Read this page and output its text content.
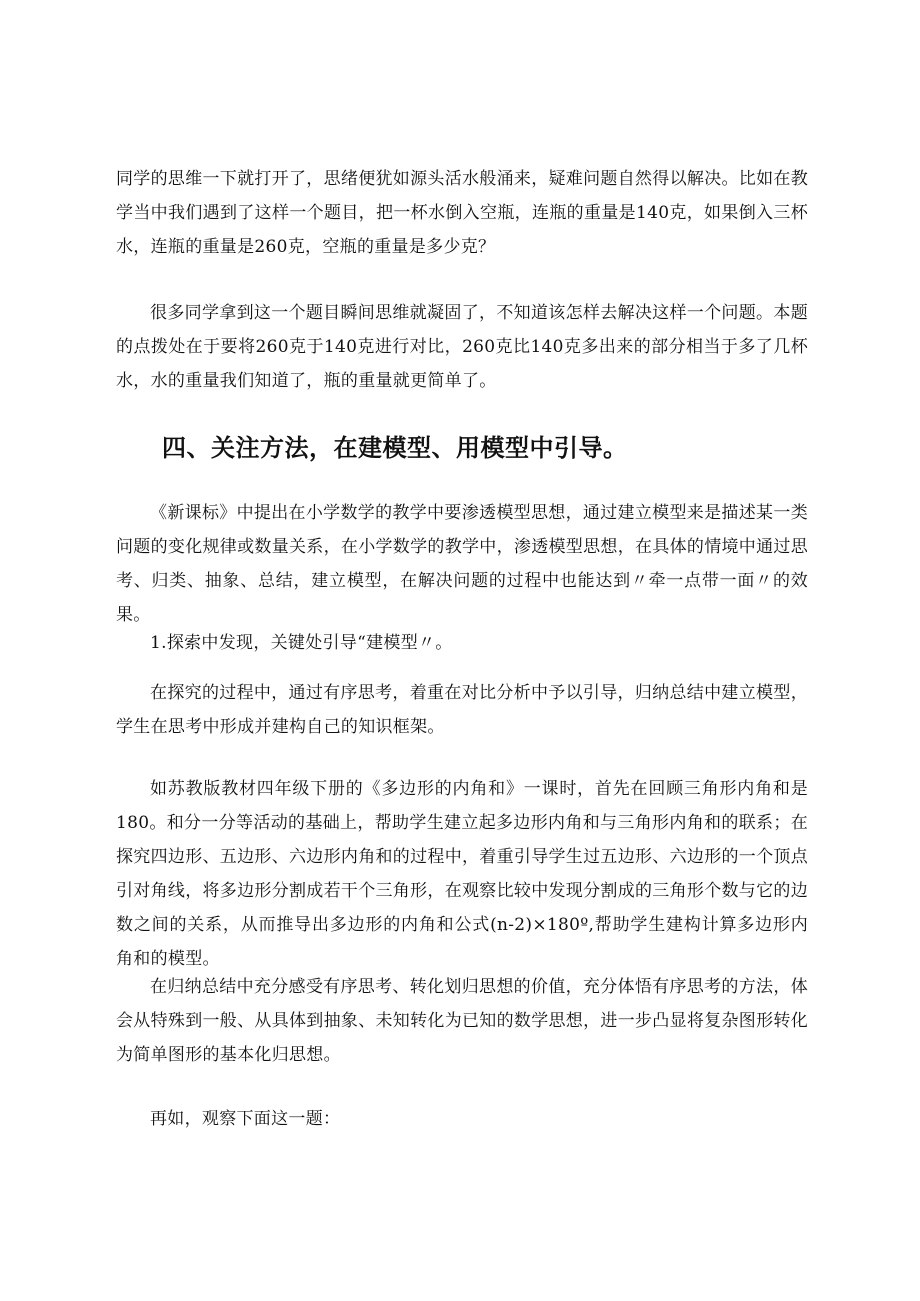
同学的思维一下就打开了，思绪便犹如源头活水般涌来，疑难问题自然得以解决。比如在教学当中我们遇到了这样一个题目，把一杯水倒入空瓶，连瓶的重量是140克，如果倒入三杯水，连瓶的重量是260克，空瓶的重量是多少克？

很多同学拿到这一个题目瞬间思维就凝固了，不知道该怎样去解决这样一个问题。本题的点拨处在于要将260克于140克进行对比，260克比140克多出来的部分相当于多了几杯水，水的重量我们知道了，瓶的重量就更简单了。

四、关注方法，在建模型、用模型中引导。

《新课标》中提出在小学数学的教学中要渗透模型思想，通过建立模型来是描述某一类问题的变化规律或数量关系，在小学数学的教学中，渗透模型思想，在具体的情境中通过思考、归类、抽象、总结，建立模型，在解决问题的过程中也能达到〃牵一点带一面〃的效果。

1.探索中发现，关键处引导“建模型〃。

在探究的过程中，通过有序思考，着重在对比分析中予以引导，归纳总结中建立模型，学生在思考中形成并建构自己的知识框架。

如苏教版教材四年级下册的《多边形的内角和》一课时，首先在回顾三角形内角和是180。和分一分等活动的基础上，帮助学生建立起多边形内角和与三角形内角和的联系；在探究四边形、五边形、六边形内角和的过程中，着重引导学生过五边形、六边形的一个顶点引对角线，将多边形分割成若干个三角形，在观察比较中发现分割成的三角形个数与它的边数之间的关系，从而推导出多边形的内角和公式(n-2)×180º,帮助学生建构计算多边形内角和的模型。

在归纳总结中充分感受有序思考、转化划归思想的价值，充分体悟有序思考的方法，体会从特殊到一般、从具体到抽象、未知转化为已知的数学思想，进一步凸显将复杂图形转化为简单图形的基本化归思想。

再如，观察下面这一题：
